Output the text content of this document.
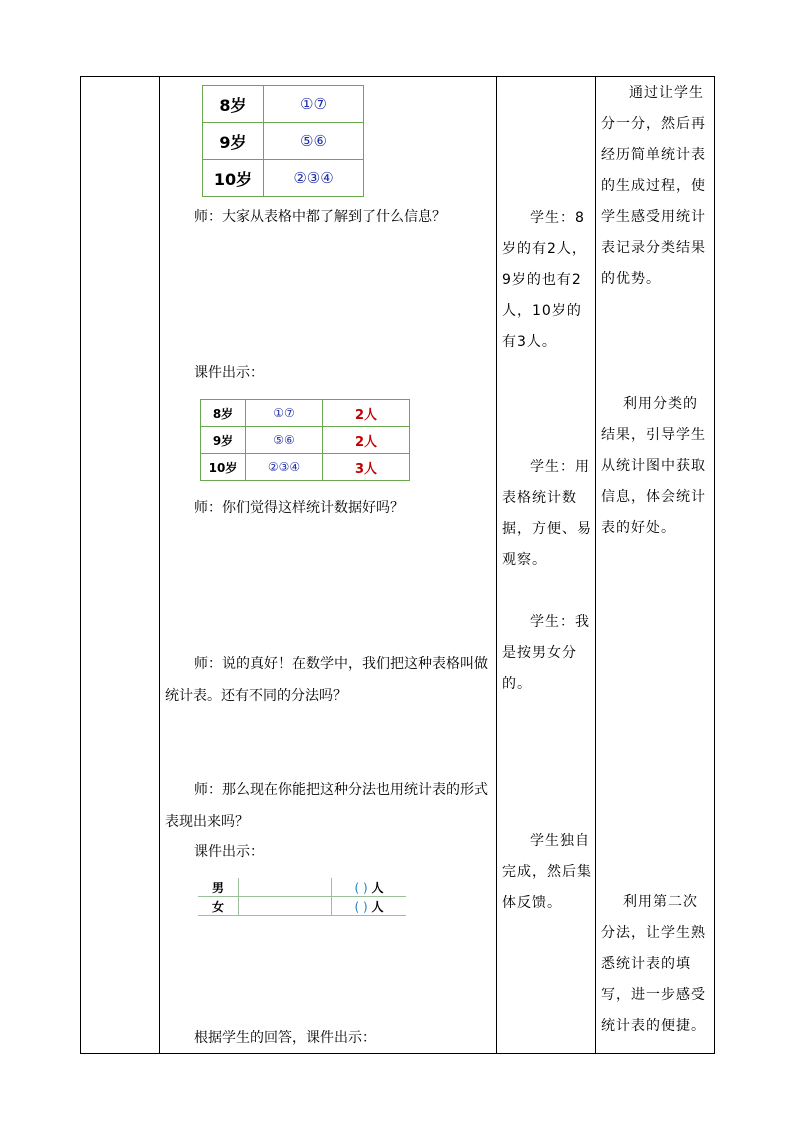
8岁	①⑦
9岁	⑤⑥
10岁	②③④
师：大家从表格中都了解到了什么信息？	学生：8岁的有2人，9岁的也有2人，10岁的有3人。
通过让学生分一分，然后再经历简单统计表的生成过程，使学生感受用统计表记录分类结果的优势。
课件出示：
8岁	①⑦	2人
9岁	⑤⑥	2人
10岁	②③④	3人
师：你们觉得这样统计数据好吗？
学生：用表格统计数据，方便、易观察。
利用分类的结果，引导学生从统计图中获取信息，体会统计表的好处。
学生：我是按男女分的。
师：说的真好！在数学中，我们把这种表格叫做统计表。还有不同的分法吗？
师：那么现在你能把这种分法也用统计表的形式表现出来吗？
课件出示：
男		( ) 人
女		( ) 人
学生独自完成，然后集体反馈。	利用第二次分法，让学生熟悉统计表的填写，进一步感受统计表的便捷。
根据学生的回答，课件出示：
